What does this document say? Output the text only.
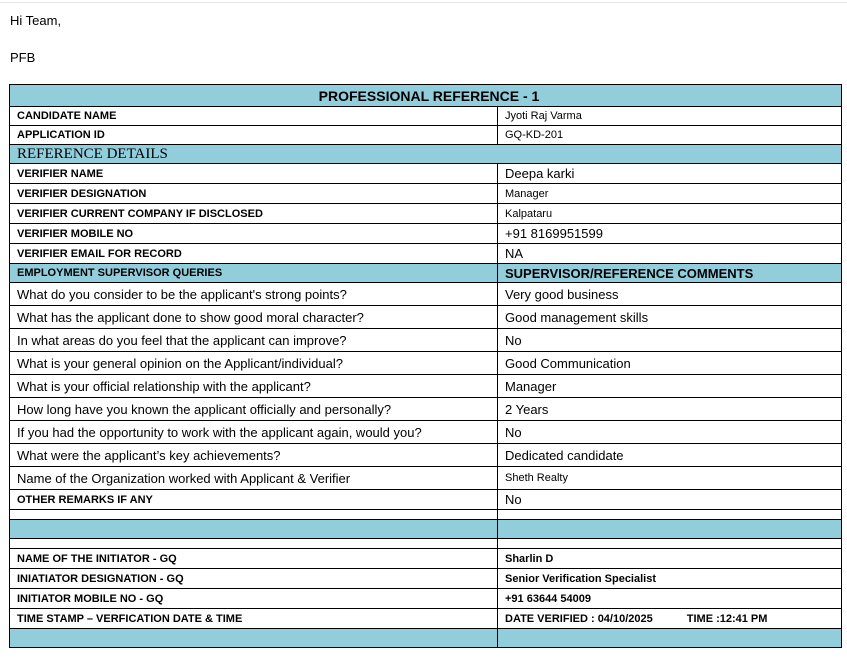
Hi Team,
PFB
PROFESSIONAL REFERENCE - 1	
CANDIDATE NAME	Jyoti Raj Varma
APPLICATION ID	GQ-KD-201
REFERENCE DETAILS	
VERIFIER NAME	Deepa karki
VERIFIER DESIGNATION	Manager
VERIFIER CURRENT COMPANY IF DISCLOSED	Kalpataru
VERIFIER MOBILE NO	+91 8169951599
VERIFIER EMAIL FOR RECORD	NA
EMPLOYMENT SUPERVISOR QUERIES	SUPERVISOR/REFERENCE COMMENTS
What do you consider to be the applicant's strong points?	Very good business
What has the applicant done to show good moral character?	Good management skills
In what areas do you feel that the applicant can improve?	No
What is your general opinion on the Applicant/individual?	Good Communication
What is your official relationship with the applicant?	Manager
How long have you known the applicant officially and personally?	2 Years
If you had the opportunity to work with the applicant again, would you?	No
What were the applicant’s key achievements?	Dedicated candidate
Name of the Organization worked with Applicant & Verifier	Sheth Realty
OTHER REMARKS IF ANY	No

NAME OF THE INITIATOR - GQ	Sharlin D
INIATIATOR DESIGNATION - GQ	Senior Verification Specialist
INITIATOR MOBILE NO - GQ	+91 63644 54009
TIME STAMP – VERFICATION DATE & TIME	DATE VERIFIED : 04/10/2025 TIME :12:41 PM
